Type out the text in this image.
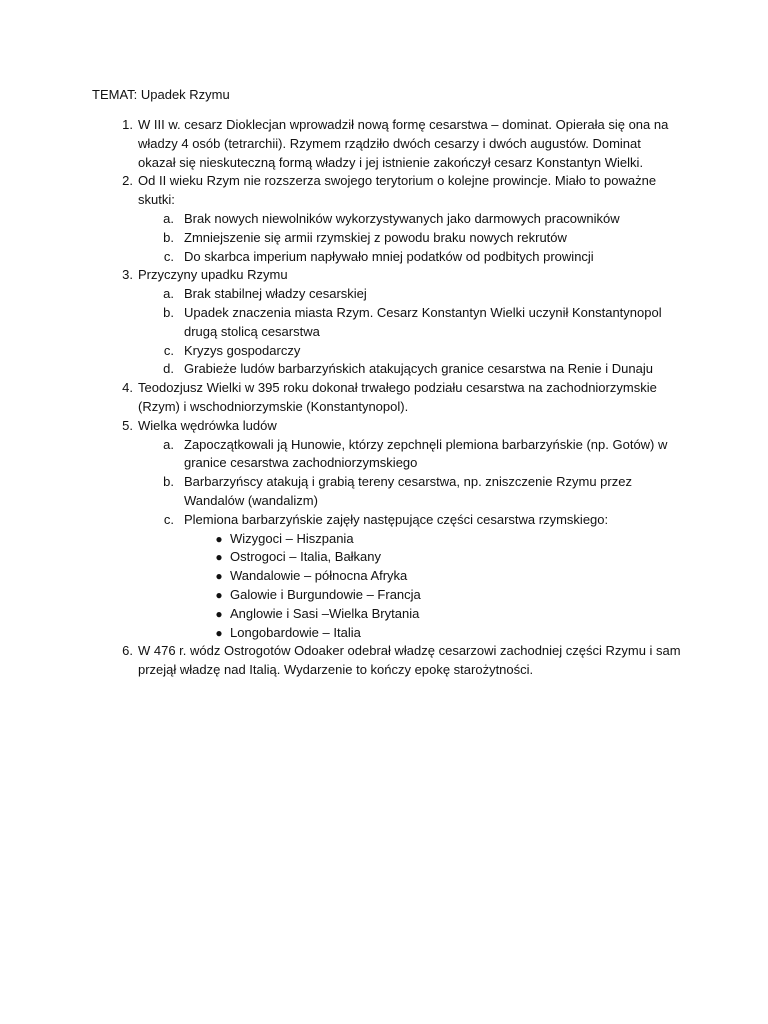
TEMAT: Upadek Rzymu
1. W III w. cesarz Dioklecjan wprowadził nową formę cesarstwa – dominat. Opierała się ona na
władzy 4 osób (tetrarchii). Rzymem rządziło dwóch cesarzy i dwóch augustów. Dominat
okazał się nieskuteczną formą władzy i jej istnienie zakończył cesarz Konstantyn Wielki.
2. Od II wieku Rzym nie rozszerza swojego terytorium o kolejne prowincje. Miało to poważne
skutki:
a. Brak nowych niewolników wykorzystywanych jako darmowych pracowników
b. Zmniejszenie się armii rzymskiej z powodu braku nowych rekrutów
c. Do skarbca imperium napływało mniej podatków od podbitych prowincji
3. Przyczyny upadku Rzymu
a. Brak stabilnej władzy cesarskiej
b. Upadek znaczenia miasta Rzym. Cesarz Konstantyn Wielki uczynił Konstantynopol
drugą stolicą cesarstwa
c. Kryzys gospodarczy
d. Grabieże ludów barbarzyńskich atakujących granice cesarstwa na Renie i Dunaju
4. Teodozjusz Wielki w 395 roku dokonał trwałego podziału cesarstwa na zachodniorzymskie
(Rzym) i wschodniorzymskie (Konstantynopol).
5. Wielka wędrówka ludów
a. Zapoczątkowali ją Hunowie, którzy zepchnęli plemiona barbarzyńskie (np. Gotów) w
granice cesarstwa zachodniorzymskiego
b. Barbarzyńscy atakują i grabią tereny cesarstwa, np. zniszczenie Rzymu przez
Wandalów (wandalizm)
c. Plemiona barbarzyńskie zajęły następujące części cesarstwa rzymskiego:
● Wizygoci – Hiszpania
● Ostrogoci – Italia, Bałkany
● Wandalowie – północna Afryka
● Galowie i Burgundowie – Francja
● Anglowie i Sasi –Wielka Brytania
● Longobardowie – Italia
6. W 476 r. wódz Ostrogotów Odoaker odebrał władzę cesarzowi zachodniej części Rzymu i sam
przejął władzę nad Italią. Wydarzenie to kończy epokę starożytności.
